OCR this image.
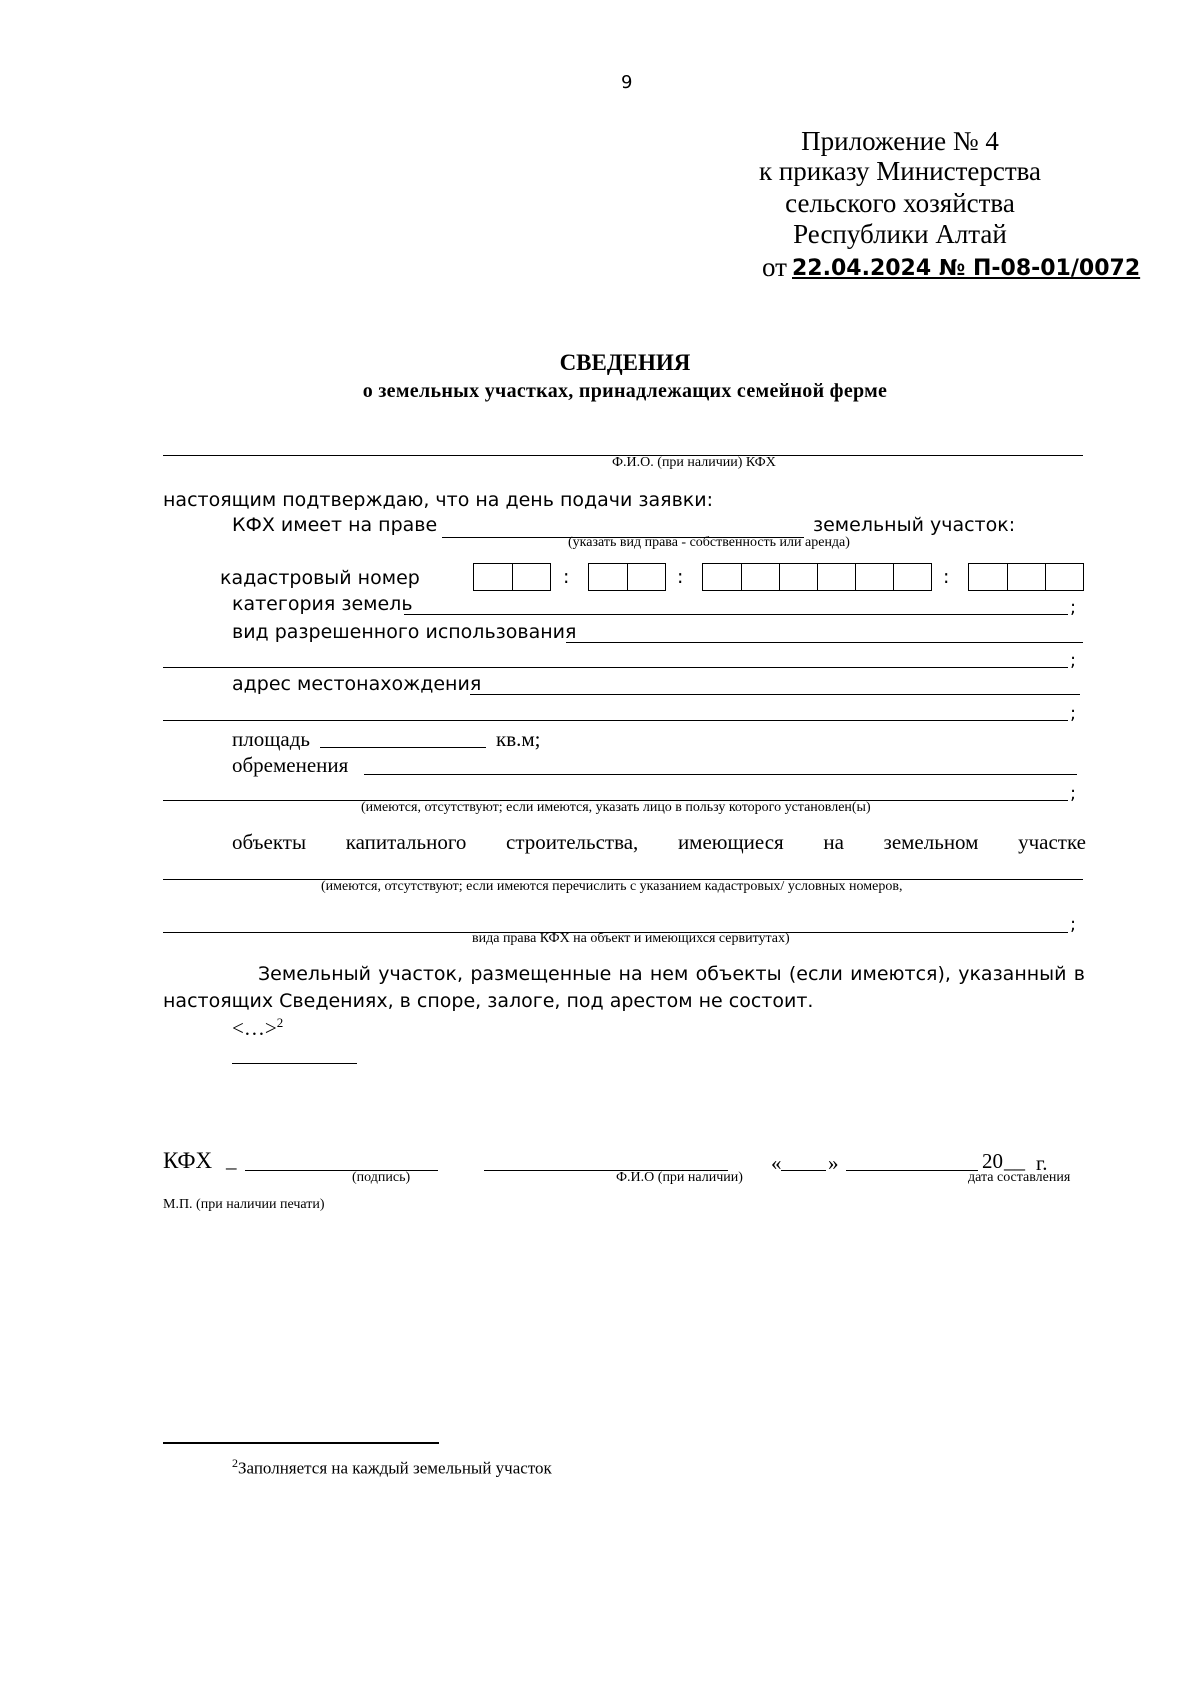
9
Приложение № 4
к приказу Министерства
сельского хозяйства
Республики Алтай
от 22.04.2024 № П-08-01/0072
СВЕДЕНИЯ
о земельных участках, принадлежащих семейной ферме
Ф.И.О. (при наличии) КФХ
настоящим подтверждаю, что на день подачи заявки:
КФХ имеет на праве	земельный участок:
(указать вид права - собственность или аренда)
кадастровый номер	:	:	:
категория земель	;
вид разрешенного использования
;
адрес местонахождения
;
площадь	кв.м;
обременения
;
(имеются, отсутствуют; если имеются, указать лицо в пользу которого установлен(ы)
объекты капитального строительства, имеющиеся на земельном участке
(имеются, отсутствуют; если имеются перечислить с указанием кадастровых/ условных номеров,
;
вида права КФХ на объект и имеющихся сервитутах)
Земельный участок, размещенные на нем объекты (если имеются), указанный в
настоящих Сведениях, в споре, залоге, под арестом не состоит.
<…>$^2$
КФХ _
(подпись)	Ф.И.О (при наличии)
« »	20 __ г.
дата составления
М.П. (при наличии печати)
$^2$Заполняется на каждый земельный участок
